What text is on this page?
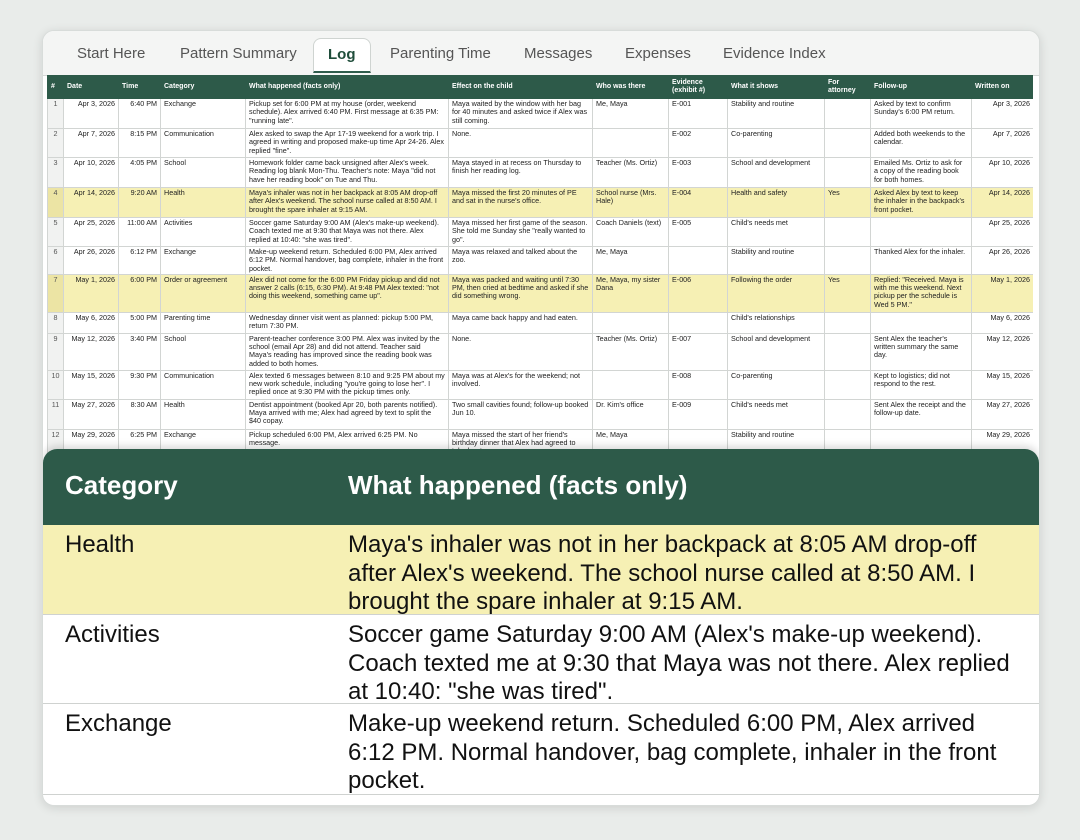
Start Here Pattern Summary	Log	Parenting Time Messages Expenses Evidence Index
#	Date	Time	Category	What happened (facts only)	Effect on the child	Who was there	Evidence (exhibit #)	What it shows	For attorney	Follow-up	Written on
1	Apr 3, 2026	6:40 PM	Exchange	Pickup set for 6:00 PM at my house (order, weekend schedule). Alex arrived 6:40 PM. First message at 6:35 PM: "running late".	Maya waited by the window with her bag for 40 minutes and asked twice if Alex was still coming.	Me, Maya	E-001	Stability and routine		Asked by text to confirm Sunday's 6:00 PM return.	Apr 3, 2026
2	Apr 7, 2026	8:15 PM	Communication	Alex asked to swap the Apr 17-19 weekend for a work trip. I agreed in writing and proposed make-up time Apr 24-26. Alex replied "fine".	None.		E-002	Co-parenting		Added both weekends to the calendar.	Apr 7, 2026
3	Apr 10, 2026	4:05 PM	School	Homework folder came back unsigned after Alex's week. Reading log blank Mon-Thu. Teacher's note: Maya "did not have her reading book" on Tue and Thu.	Maya stayed in at recess on Thursday to finish her reading log.	Teacher (Ms. Ortiz)	E-003	School and development		Emailed Ms. Ortiz to ask for a copy of the reading book for both homes.	Apr 10, 2026
4	Apr 14, 2026	9:20 AM	Health	Maya's inhaler was not in her backpack at 8:05 AM drop-off after Alex's weekend. The school nurse called at 8:50 AM. I brought the spare inhaler at 9:15 AM.	Maya missed the first 20 minutes of PE and sat in the nurse's office.	School nurse (Mrs. Hale)	E-004	Health and safety	Yes	Asked Alex by text to keep the inhaler in the backpack's front pocket.	Apr 14, 2026
5	Apr 25, 2026	11:00 AM	Activities	Soccer game Saturday 9:00 AM (Alex's make-up weekend). Coach texted me at 9:30 that Maya was not there. Alex replied at 10:40: "she was tired".	Maya missed her first game of the season. She told me Sunday she "really wanted to go".	Coach Daniels (text)	E-005	Child's needs met			Apr 25, 2026
6	Apr 26, 2026	6:12 PM	Exchange	Make-up weekend return. Scheduled 6:00 PM, Alex arrived 6:12 PM. Normal handover, bag complete, inhaler in the front pocket.	Maya was relaxed and talked about the zoo.	Me, Maya		Stability and routine		Thanked Alex for the inhaler.	Apr 26, 2026
7	May 1, 2026	6:00 PM	Order or agreement	Alex did not come for the 6:00 PM Friday pickup and did not answer 2 calls (6:15, 6:30 PM). At 9:48 PM Alex texted: "not doing this weekend, something came up".	Maya was packed and waiting until 7:30 PM, then cried at bedtime and asked if she did something wrong.	Me, Maya, my sister Dana	E-006	Following the order	Yes	Replied: "Received. Maya is with me this weekend. Next pickup per the schedule is Wed 5 PM."	May 1, 2026
8	May 6, 2026	5:00 PM	Parenting time	Wednesday dinner visit went as planned: pickup 5:00 PM, return 7:30 PM.	Maya came back happy and had eaten.			Child's relationships			May 6, 2026
9	May 12, 2026	3:40 PM	School	Parent-teacher conference 3:00 PM. Alex was invited by the school (email Apr 28) and did not attend. Teacher said Maya's reading has improved since the reading book was added to both homes.	None.	Teacher (Ms. Ortiz)	E-007	School and development		Sent Alex the teacher's written summary the same day.	May 12, 2026
10	May 15, 2026	9:30 PM	Communication	Alex texted 6 messages between 8:10 and 9:25 PM about my new work schedule, including "you're going to lose her". I replied once at 9:30 PM with the pickup times only.	Maya was at Alex's for the weekend; not involved.		E-008	Co-parenting		Kept to logistics; did not respond to the rest.	May 15, 2026
11	May 27, 2026	8:30 AM	Health	Dentist appointment (booked Apr 20, both parents notified). Maya arrived with me; Alex had agreed by text to split the $40 copay.	Two small cavities found; follow-up booked Jun 10.	Dr. Kim's office	E-009	Child's needs met		Sent Alex the receipt and the follow-up date.	May 27, 2026
12	May 29, 2026	6:25 PM	Exchange	Pickup scheduled 6:00 PM, Alex arrived 6:25 PM. No message.	Maya missed the start of her friend's birthday dinner that Alex had agreed to	Me, Maya		Stability and routine			May 29, 2026

Category	What happened (facts only)
Health	Maya's inhaler was not in her backpack at 8:05 AM drop-off after Alex's weekend. The school nurse called at 8:50 AM. I brought the spare inhaler at 9:15 AM.
Activities	Soccer game Saturday 9:00 AM (Alex's make-up weekend). Coach texted me at 9:30 that Maya was not there. Alex replied at 10:40: "she was tired".
Exchange	Make-up weekend return. Scheduled 6:00 PM, Alex arrived 6:12 PM. Normal handover, bag complete, inhaler in the front pocket.
